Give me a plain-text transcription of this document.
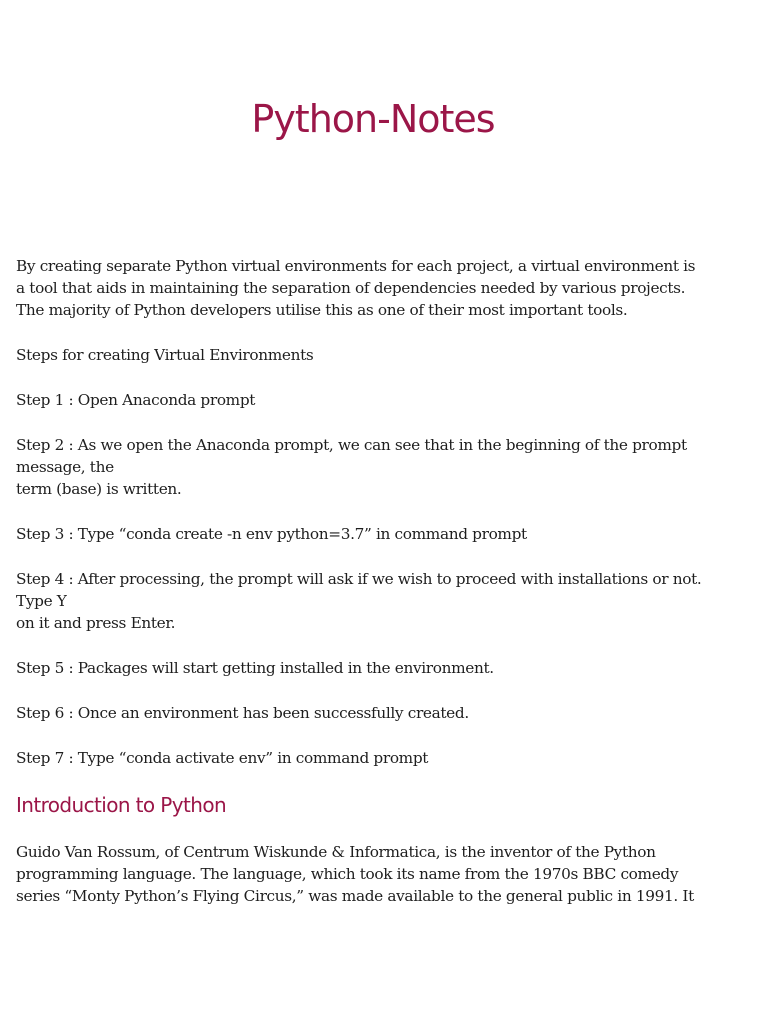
Python-Notes

By creating separate Python virtual environments for each project, a virtual environment is
a tool that aids in maintaining the separation of dependencies needed by various projects.
The majority of Python developers utilise this as one of their most important tools.

Steps for creating Virtual Environments

Step 1 : Open Anaconda prompt

Step 2 : As we open the Anaconda prompt, we can see that in the beginning of the prompt
message, the
term (base) is written.

Step 3 : Type “conda create -n env python=3.7” in command prompt

Step 4 : After processing, the prompt will ask if we wish to proceed with installations or not.
Type Y
on it and press Enter.

Step 5 : Packages will start getting installed in the environment.

Step 6 : Once an environment has been successfully created.

Step 7 : Type “conda activate env” in command prompt

Introduction to Python

Guido Van Rossum, of Centrum Wiskunde & Informatica, is the inventor of the Python
programming language. The language, which took its name from the 1970s BBC comedy
series “Monty Python’s Flying Circus,” was made available to the general public in 1991. It
